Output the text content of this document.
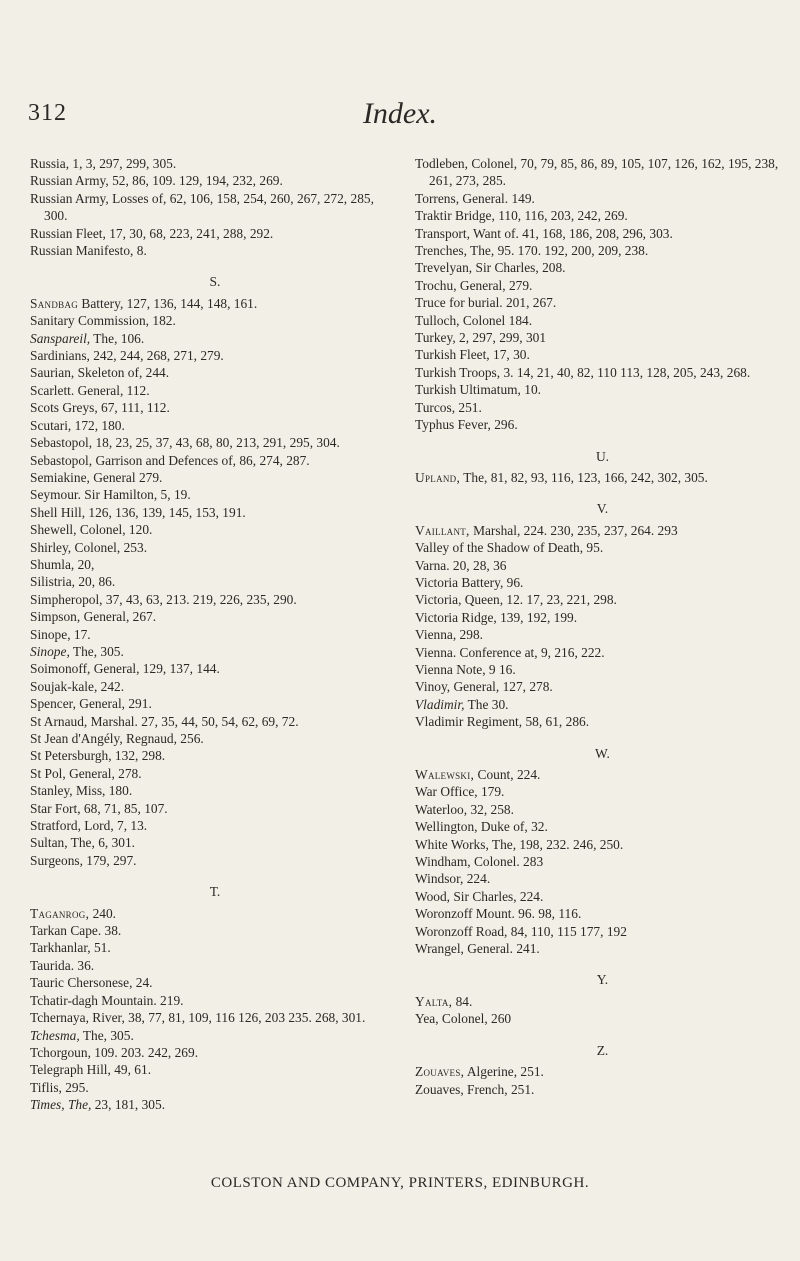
312	Index.
Russia, 1, 3, 297, 299, 305.
Russian Army, 52, 86, 109. 129, 194, 232, 269.
Russian Army, Losses of, 62, 106, 158, 254, 260, 267, 272, 285, 300.
Russian Fleet, 17, 30, 68, 223, 241, 288, 292.
Russian Manifesto, 8.
S.
Sandbag Battery, 127, 136, 144, 148, 161.
Sanitary Commission, 182.
Sanspareil, The, 106.
Sardinians, 242, 244, 268, 271, 279.
Saurian, Skeleton of, 244.
Scarlett. General, 112.
Scots Greys, 67, 111, 112.
Scutari, 172, 180.
Sebastopol, 18, 23, 25, 37, 43, 68, 80, 213, 291, 295, 304.
Sebastopol, Garrison and Defences of, 86, 274, 287.
Semiakine, General 279.
Seymour. Sir Hamilton, 5, 19.
Shell Hill, 126, 136, 139, 145, 153, 191.
Shewell, Colonel, 120.
Shirley, Colonel, 253.
Shumla, 20,
Silistria, 20, 86.
Simpheropol, 37, 43, 63, 213. 219, 226, 235, 290.
Simpson, General, 267.
Sinope, 17.
Sinope, The, 305.
Soimonoff, General, 129, 137, 144.
Soujak-kale, 242.
Spencer, General, 291.
St Arnaud, Marshal. 27, 35, 44, 50, 54, 62, 69, 72.
St Jean d'Angély, Regnaud, 256.
St Petersburgh, 132, 298.
St Pol, General, 278.
Stanley, Miss, 180.
Star Fort, 68, 71, 85, 107.
Stratford, Lord, 7, 13.
Sultan, The, 6, 301.
Surgeons, 179, 297.
T.
Taganrog, 240.
Tarkan Cape. 38.
Tarkhanlar, 51.
Taurida. 36.
Tauric Chersonese, 24.
Tchatir-dagh Mountain. 219.
Tchernaya, River, 38, 77, 81, 109, 116 126, 203 235. 268, 301.
Tchesma, The, 305.
Tchorgoun, 109. 203. 242, 269.
Telegraph Hill, 49, 61.
Tiflis, 295.
Times, The, 23, 181, 305.
Todleben, Colonel, 70, 79, 85, 86, 89, 105, 107, 126, 162, 195, 238, 261, 273, 285.
Torrens, General. 149.
Traktir Bridge, 110, 116, 203, 242, 269.
Transport, Want of. 41, 168, 186, 208, 296, 303.
Trenches, The, 95. 170. 192, 200, 209, 238.
Trevelyan, Sir Charles, 208.
Trochu, General, 279.
Truce for burial. 201, 267.
Tulloch, Colonel 184.
Turkey, 2, 297, 299, 301
Turkish Fleet, 17, 30.
Turkish Troops, 3. 14, 21, 40, 82, 110 113, 128, 205, 243, 268.
Turkish Ultimatum, 10.
Turcos, 251.
Typhus Fever, 296.
U.
Upland, The, 81, 82, 93, 116, 123, 166, 242, 302, 305.
V.
Vaillant, Marshal, 224. 230, 235, 237, 264. 293
Valley of the Shadow of Death, 95.
Varna. 20, 28, 36
Victoria Battery, 96.
Victoria, Queen, 12. 17, 23, 221, 298.
Victoria Ridge, 139, 192, 199.
Vienna, 298.
Vienna. Conference at, 9, 216, 222.
Vienna Note, 9 16.
Vinoy, General, 127, 278.
Vladimir, The 30.
Vladimir Regiment, 58, 61, 286.
W.
Walewski, Count, 224.
War Office, 179.
Waterloo, 32, 258.
Wellington, Duke of, 32.
White Works, The, 198, 232. 246, 250.
Windham, Colonel. 283
Windsor, 224.
Wood, Sir Charles, 224.
Woronzoff Mount. 96. 98, 116.
Woronzoff Road, 84, 110, 115 177, 192
Wrangel, General. 241.
Y.
Yalta, 84.
Yea, Colonel, 260
Z.
Zouaves, Algerine, 251.
Zouaves, French, 251.
COLSTON AND COMPANY, PRINTERS, EDINBURGH.
